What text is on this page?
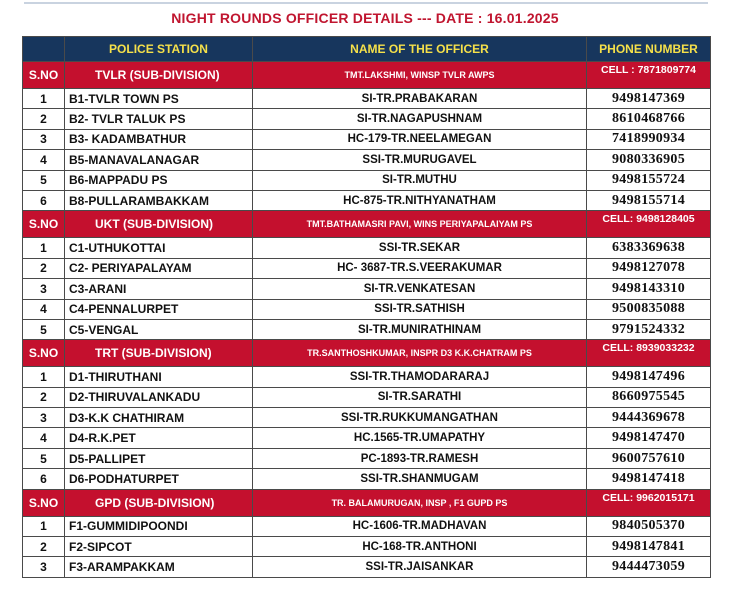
NIGHT ROUNDS OFFICER DETAILS --- DATE : 16.01.2025
	POLICE STATION	NAME OF THE OFFICER	PHONE NUMBER
S.NO	TVLR (SUB-DIVISION)	TMT.LAKSHMI, WINSP TVLR AWPS	CELL : 7871809774
1	B1-TVLR TOWN PS	SI-TR.PRABAKARAN	9498147369
2	B2- TVLR TALUK PS	SI-TR.NAGAPUSHNAM	8610468766
3	B3- KADAMBATHUR	HC-179-TR.NEELAMEGAN	7418990934
4	B5-MANAVALANAGAR	SSI-TR.MURUGAVEL	9080336905
5	B6-MAPPADU PS	SI-TR.MUTHU	9498155724
6	B8-PULLARAMBAKKAM	HC-875-TR.NITHYANATHAM	9498155714
S.NO	UKT (SUB-DIVISION)	TMT.BATHAMASRI PAVI, WINS PERIYAPALAIYAM PS	CELL: 9498128405
1	C1-UTHUKOTTAI	SSI-TR.SEKAR	6383369638
2	C2- PERIYAPALAYAM	HC- 3687-TR.S.VEERAKUMAR	9498127078
3	C3-ARANI	SI-TR.VENKATESAN	9498143310
4	C4-PENNALURPET	SSI-TR.SATHISH	9500835088
5	C5-VENGAL	SI-TR.MUNIRATHINAM	9791524332
S.NO	TRT (SUB-DIVISION)	TR.SANTHOSHKUMAR, INSPR D3 K.K.CHATRAM PS	CELL: 8939033232
1	D1-THIRUTHANI	SSI-TR.THAMODARARAJ	9498147496
2	D2-THIRUVALANKADU	SI-TR.SARATHI	8660975545
3	D3-K.K CHATHIRAM	SSI-TR.RUKKUMANGATHAN	9444369678
4	D4-R.K.PET	HC.1565-TR.UMAPATHY	9498147470
5	D5-PALLIPET	PC-1893-TR.RAMESH	9600757610
6	D6-PODHATURPET	SSI-TR.SHANMUGAM	9498147418
S.NO	GPD (SUB-DIVISION)	TR. BALAMURUGAN, INSP , F1 GUPD PS	CELL: 9962015171
1	F1-GUMMIDIPOONDI	HC-1606-TR.MADHAVAN	9840505370
2	F2-SIPCOT	HC-168-TR.ANTHONI	9498147841
3	F3-ARAMPAKKAM	SSI-TR.JAISANKAR	9444473059
